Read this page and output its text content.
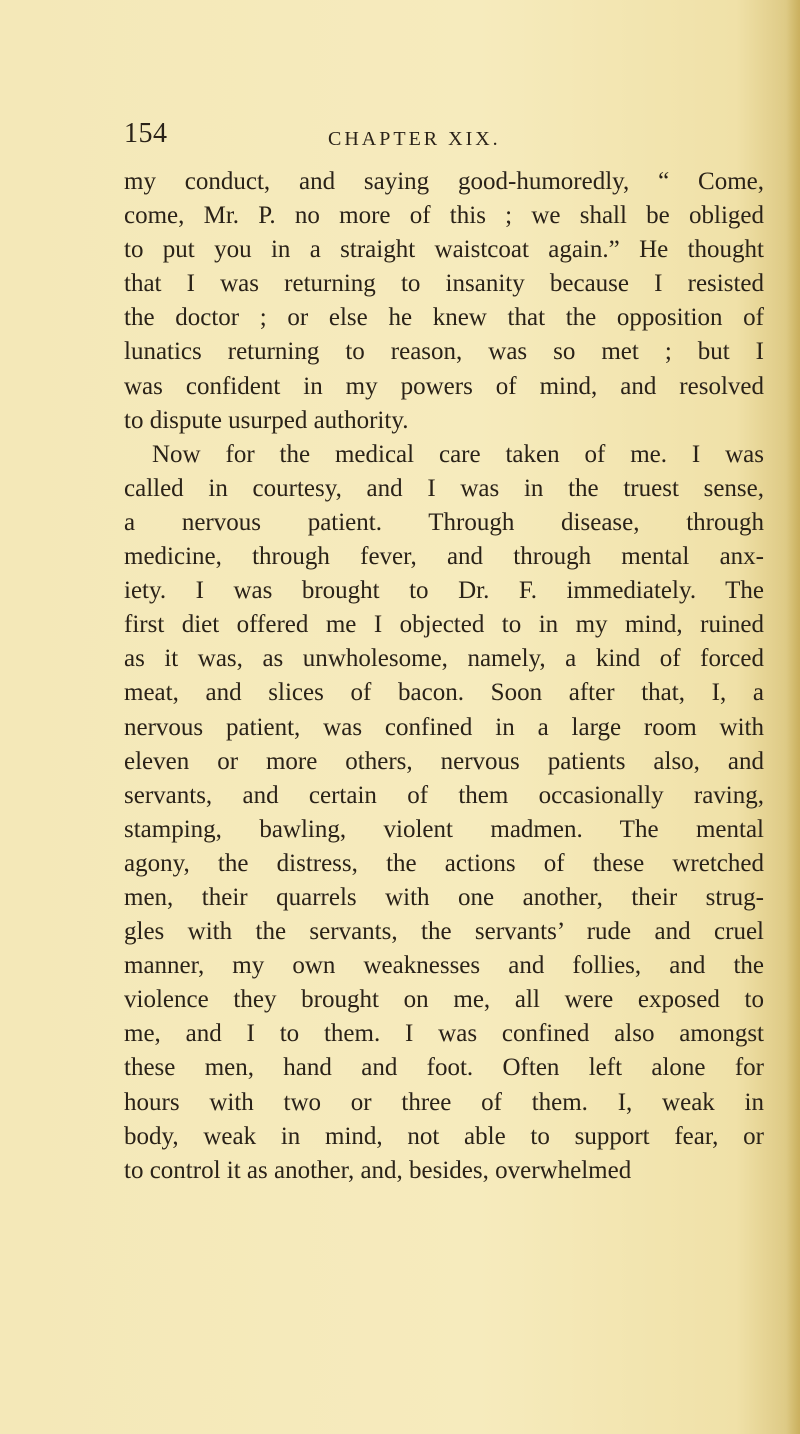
154	CHAPTER XIX.
my conduct, and saying good-humoredly, “ Come,
come, Mr. P. no more of this ; we shall be obliged
to put you in a straight waistcoat again.” He thought
that I was returning to insanity because I resisted
the doctor ; or else he knew that the opposition of
lunatics returning to reason, was so met ; but I
was confident in my powers of mind, and resolved
to dispute usurped authority.
Now for the medical care taken of me. I was
called in courtesy, and I was in the truest sense,
a nervous patient. Through disease, through
medicine, through fever, and through mental anx-
iety. I was brought to Dr. F. immediately. The
first diet offered me I objected to in my mind, ruined
as it was, as unwholesome, namely, a kind of forced
meat, and slices of bacon. Soon after that, I, a
nervous patient, was confined in a large room with
eleven or more others, nervous patients also, and
servants, and certain of them occasionally raving,
stamping, bawling, violent madmen. The mental
agony, the distress, the actions of these wretched
men, their quarrels with one another, their strug-
gles with the servants, the servants’ rude and cruel
manner, my own weaknesses and follies, and the
violence they brought on me, all were exposed to
me, and I to them. I was confined also amongst
these men, hand and foot. Often left alone for
hours with two or three of them. I, weak in
body, weak in mind, not able to support fear, or
to control it as another, and, besides, overwhelmed
